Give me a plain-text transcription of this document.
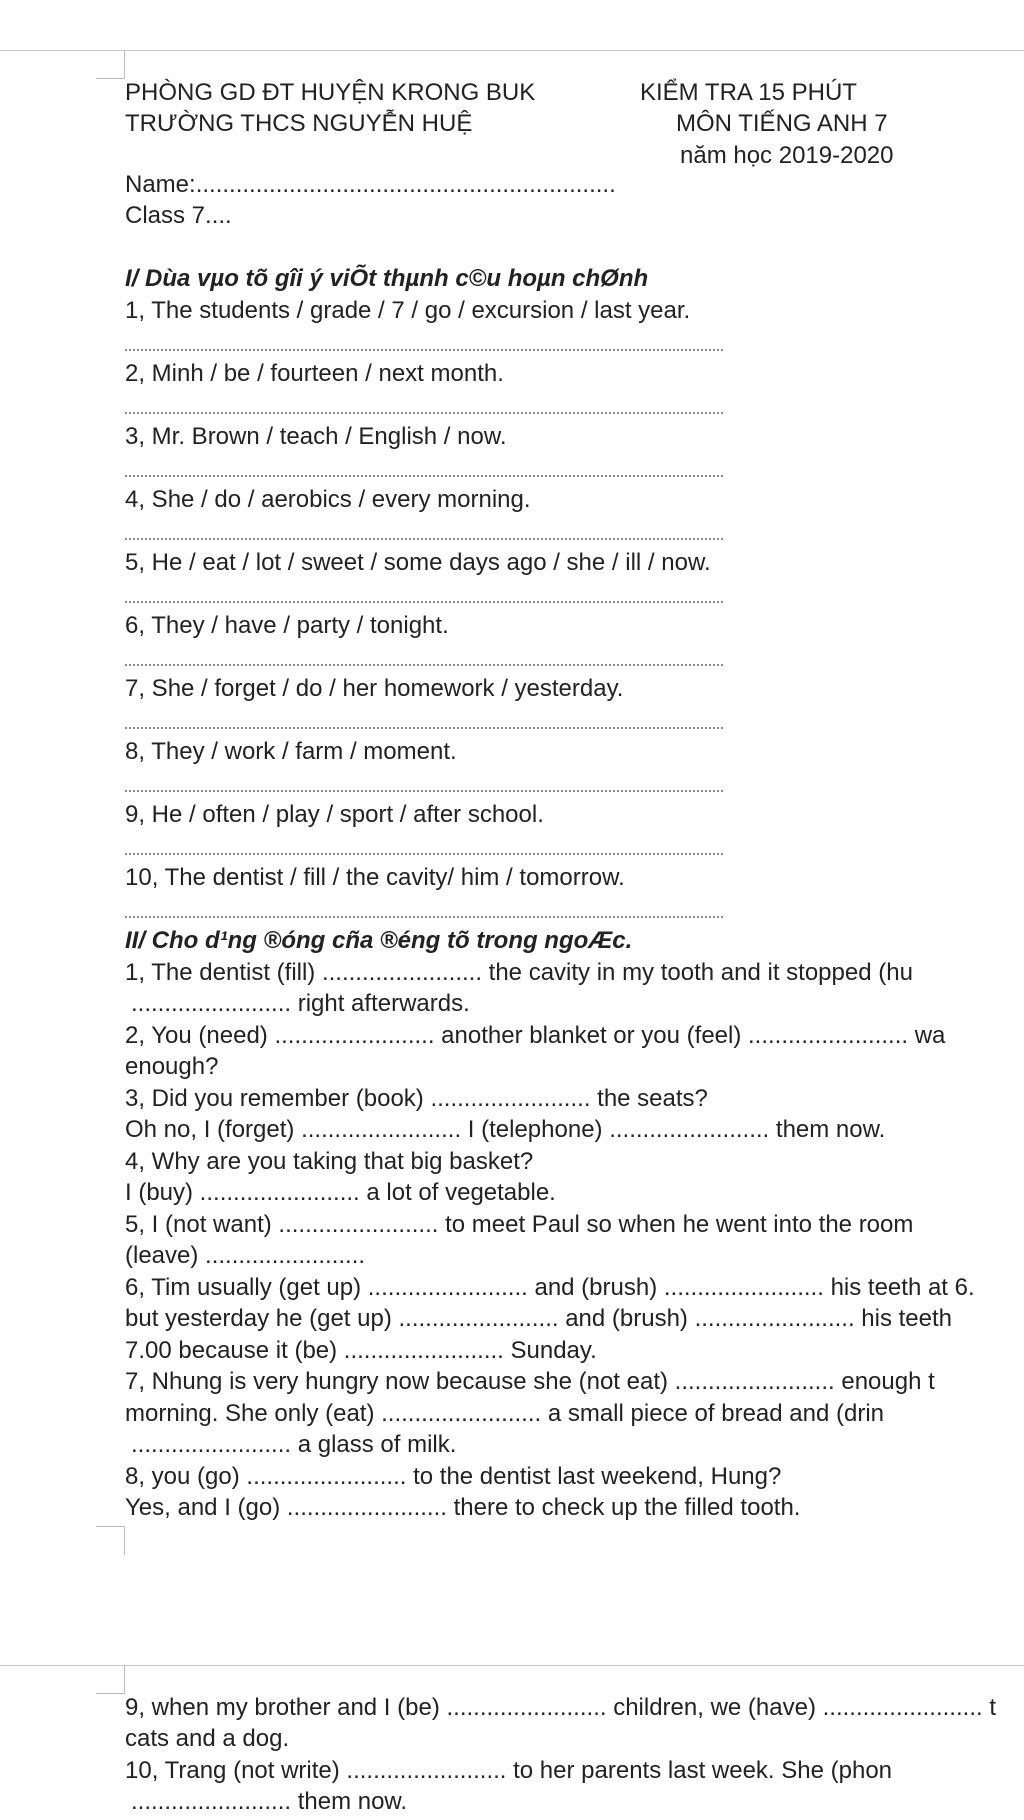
PHÒNG GD ĐT HUYỆN KRONG BUK
TRƯỜNG THCS NGUYỄN HUỆ
KIỂM TRA 15 PHÚT
MÔN TIẾNG ANH 7
năm học 2019-2020
Name:...............................................................
Class 7....
I/ Dùa vµo tõ gîi ý viÕt thµnh c©u hoµn chØnh
1, The students / grade / 7 / go / excursion / last year.
2, Minh / be / fourteen / next month.
3, Mr. Brown / teach / English / now.
4, She / do / aerobics / every morning.
5, He / eat / lot / sweet / some days ago / she / ill / now.
6, They / have / party / tonight.
7, She / forget / do / her homework / yesterday.
8, They / work / farm / moment.
9, He / often / play / sport / after school.
10, The dentist / fill / the cavity/ him / tomorrow.
II/ Cho d¹ng ®óng cña ®éng tõ trong ngoÆc.
1, The dentist (fill) ........................ the cavity in my tooth and it stopped (hu
........................ right afterwards.
2, You (need) ........................ another blanket or you (feel) ........................ wa
enough?
3, Did you remember (book) ........................ the seats?
Oh no, I (forget) ........................ I (telephone) ........................ them now.
4, Why are you taking that big basket?
I (buy) ........................ a lot of vegetable.
5, I (not want) ........................ to meet Paul so when he went into the room
(leave) ........................
6, Tim usually (get up) ........................ and (brush) ........................ his teeth at 6.
but yesterday he (get up) ........................ and (brush) ........................ his teeth
7.00 because it (be) ........................ Sunday.
7, Nhung is very hungry now because she (not eat) ........................ enough t
morning. She only (eat) ........................ a small piece of bread and (drin
........................ a glass of milk.
8, you (go) ........................ to the dentist last weekend, Hung?
Yes, and I (go) ........................ there to check up the filled tooth.
9, when my brother and I (be) ........................ children, we (have) ........................ t
cats and a dog.
10, Trang (not write) ........................ to her parents last week. She (phon
........................ them now.
